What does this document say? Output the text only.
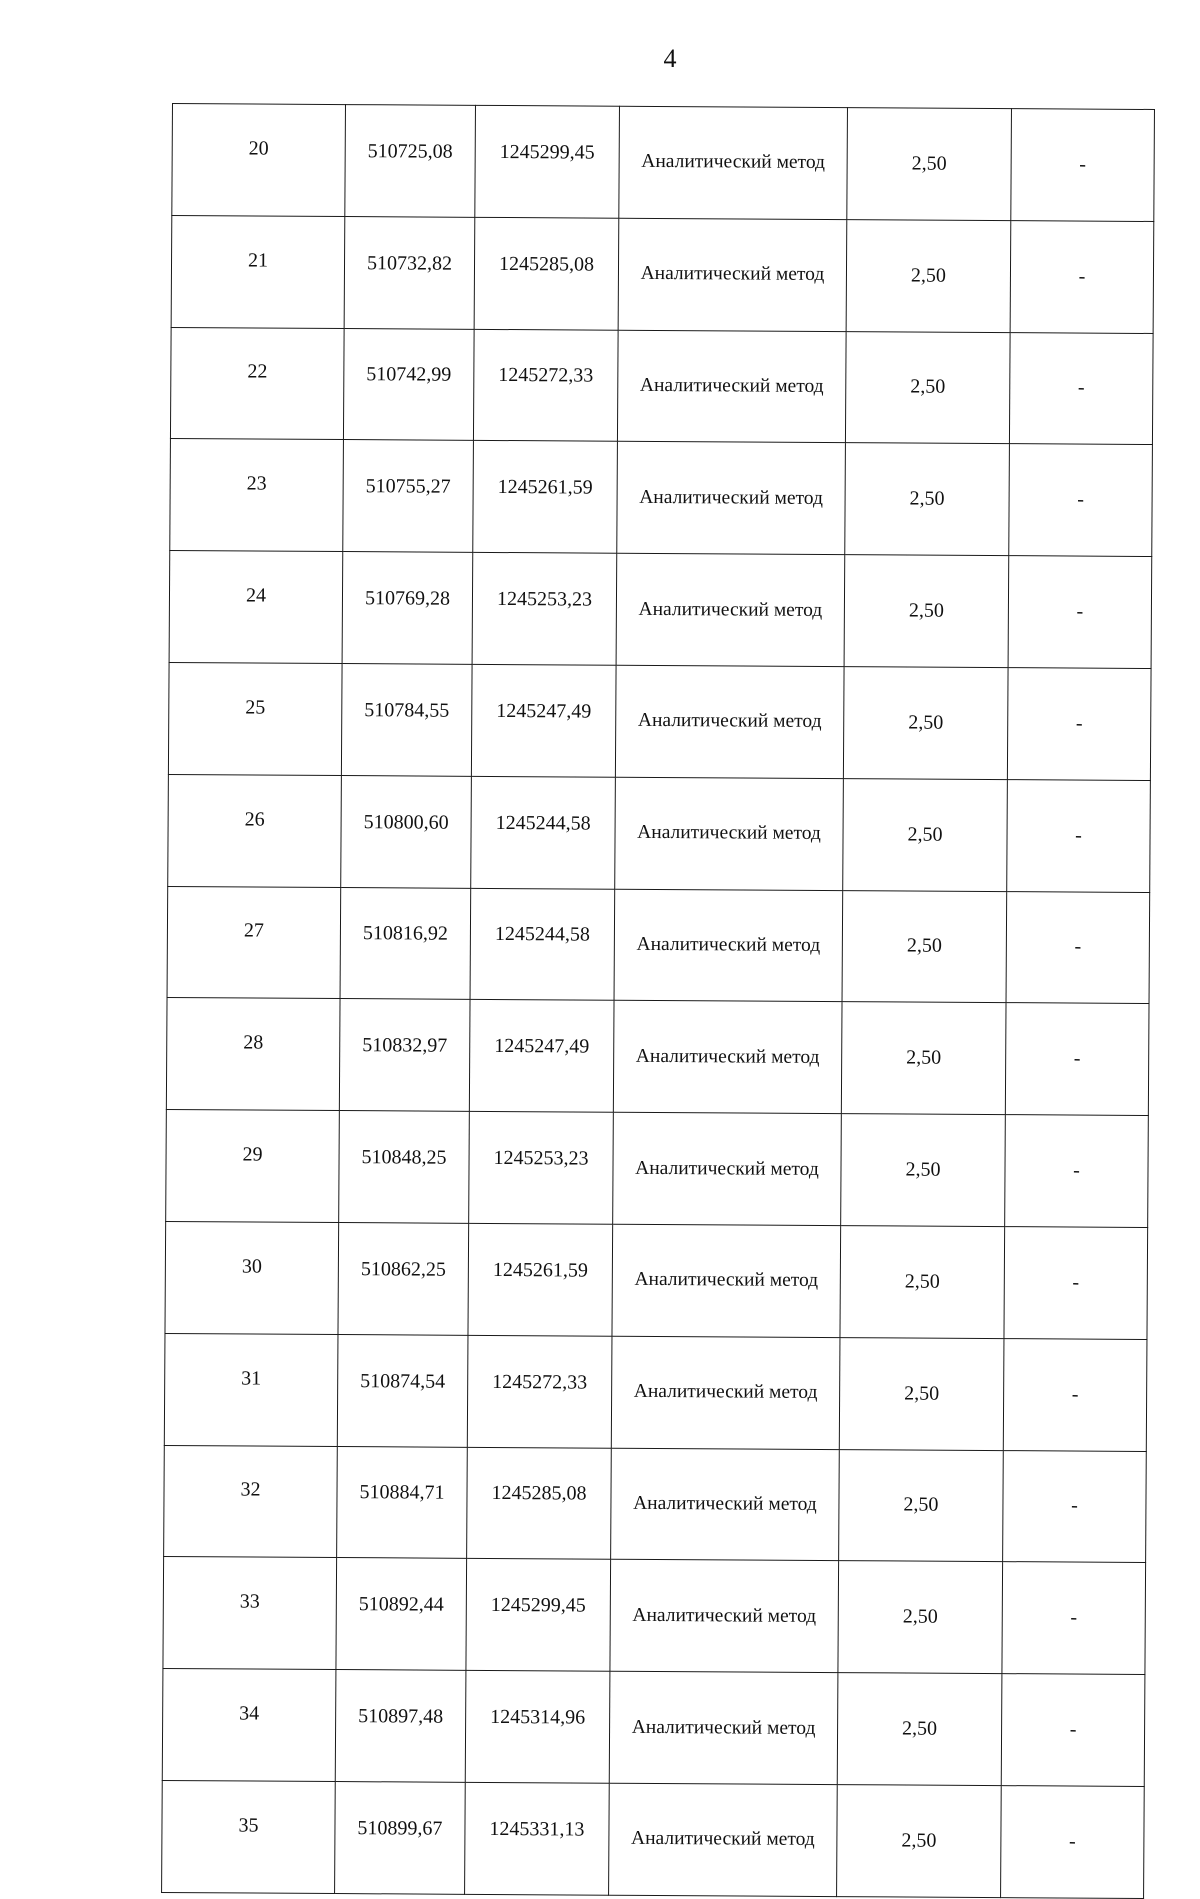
4
20	510725,08	1245299,45	Аналитический метод	2,50	-
21	510732,82	1245285,08	Аналитический метод	2,50	-
22	510742,99	1245272,33	Аналитический метод	2,50	-
23	510755,27	1245261,59	Аналитический метод	2,50	-
24	510769,28	1245253,23	Аналитический метод	2,50	-
25	510784,55	1245247,49	Аналитический метод	2,50	-
26	510800,60	1245244,58	Аналитический метод	2,50	-
27	510816,92	1245244,58	Аналитический метод	2,50	-
28	510832,97	1245247,49	Аналитический метод	2,50	-
29	510848,25	1245253,23	Аналитический метод	2,50	-
30	510862,25	1245261,59	Аналитический метод	2,50	-
31	510874,54	1245272,33	Аналитический метод	2,50	-
32	510884,71	1245285,08	Аналитический метод	2,50	-
33	510892,44	1245299,45	Аналитический метод	2,50	-
34	510897,48	1245314,96	Аналитический метод	2,50	-
35	510899,67	1245331,13	Аналитический метод	2,50	-
